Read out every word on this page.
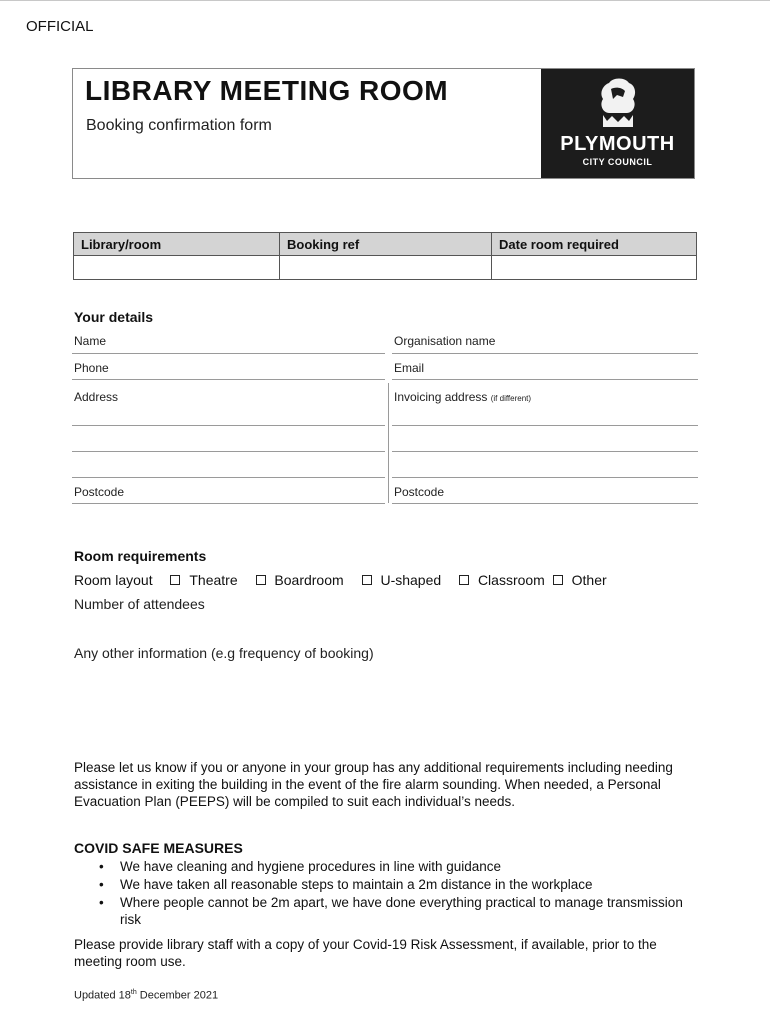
OFFICIAL
LIBRARY MEETING ROOM
Booking confirmation form
PLYMOUTH
CITY COUNCIL
Library/room	Booking ref	Date room required

Your details
Name	Organisation name
Phone	Email
Address	Invoicing address (if different)
Postcode	Postcode
Room requirements
Room layout	Theatre	Boardroom	U-shaped	Classroom Other
Number of attendees
Any other information (e.g frequency of booking)
Please let us know if you or anyone in your group has any additional requirements including needing assistance in exiting the building in the event of the fire alarm sounding. When needed, a Personal Evacuation Plan (PEEPS) will be compiled to suit each individual’s needs.
COVID SAFE MEASURES
• We have cleaning and hygiene procedures in line with guidance
• We have taken all reasonable steps to maintain a 2m distance in the workplace
• Where people cannot be 2m apart, we have done everything practical to manage transmission risk
Please provide library staff with a copy of your Covid-19 Risk Assessment, if available, prior to the meeting room use.
Updated 18th December 2021
